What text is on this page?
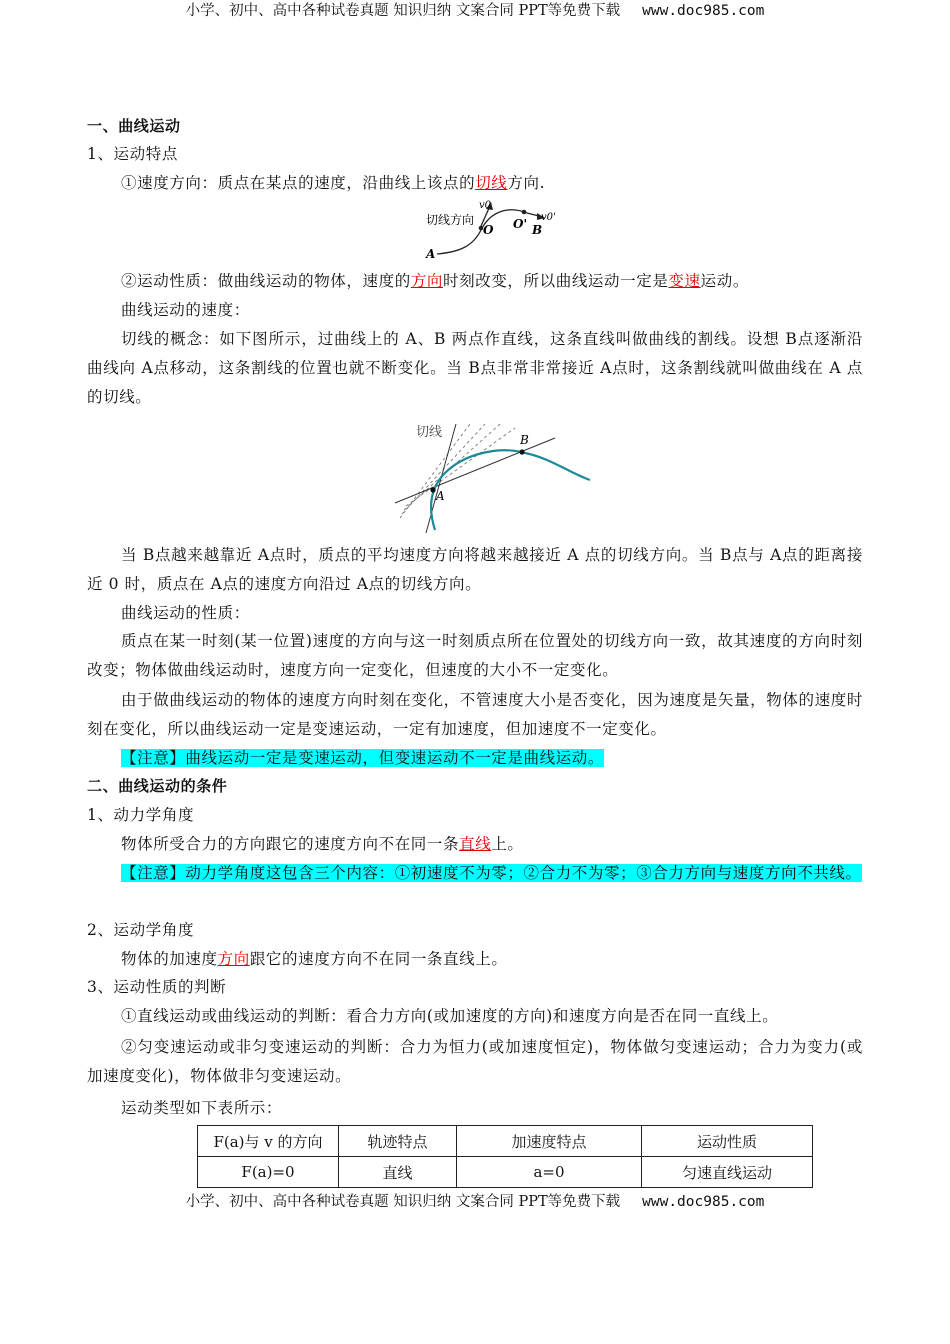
小学、初中、高中各种试卷真题 知识归纳 文案合同 PPT等免费下载 www.doc985.com
一、曲线运动
1、运动特点
①速度方向：质点在某点的速度，沿曲线上该点的切线方向.
切线方向
v0
v0'
O O' B
A
②运动性质：做曲线运动的物体，速度的方向时刻改变，所以曲线运动一定是变速运动。
曲线运动的速度：
切线的概念：如下图所示，过曲线上的 A、B 两点作直线，这条直线叫做曲线的割线。设想 B点逐渐沿曲线向 A点移动，这条割线的位置也就不断变化。当 B点非常非常接近 A点时，这条割线就叫做曲线在 A 点的切线。
切线
A
B
当 B点越来越靠近 A点时，质点的平均速度方向将越来越接近 A 点的切线方向。当 B点与 A点的距离接近 0 时，质点在 A点的速度方向沿过 A点的切线方向。
曲线运动的性质：
质点在某一时刻(某一位置)速度的方向与这一时刻质点所在位置处的切线方向一致，故其速度的方向时刻改变；物体做曲线运动时，速度方向一定变化，但速度的大小不一定变化。
由于做曲线运动的物体的速度方向时刻在变化，不管速度大小是否变化，因为速度是矢量，物体的速度时刻在变化，所以曲线运动一定是变速运动，一定有加速度，但加速度不一定变化。
【注意】曲线运动一定是变速运动，但变速运动不一定是曲线运动。
二、曲线运动的条件
1、动力学角度
物体所受合力的方向跟它的速度方向不在同一条直线上。
【注意】动力学角度这包含三个内容：①初速度不为零；②合力不为零；③合力方向与速度方向不共线。
2、运动学角度
物体的加速度方向跟它的速度方向不在同一条直线上。
3、运动性质的判断
①直线运动或曲线运动的判断：看合力方向(或加速度的方向)和速度方向是否在同一直线上。
②匀变速运动或非匀变速运动的判断：合力为恒力(或加速度恒定)，物体做匀变速运动；合力为变力(或加速度变化)，物体做非匀变速运动。
运动类型如下表所示：
F(a)与 v 的方向	轨迹特点	加速度特点	运动性质
F(a)=0	直线	a=0	匀速直线运动
小学、初中、高中各种试卷真题 知识归纳 文案合同 PPT等免费下载 www.doc985.com
